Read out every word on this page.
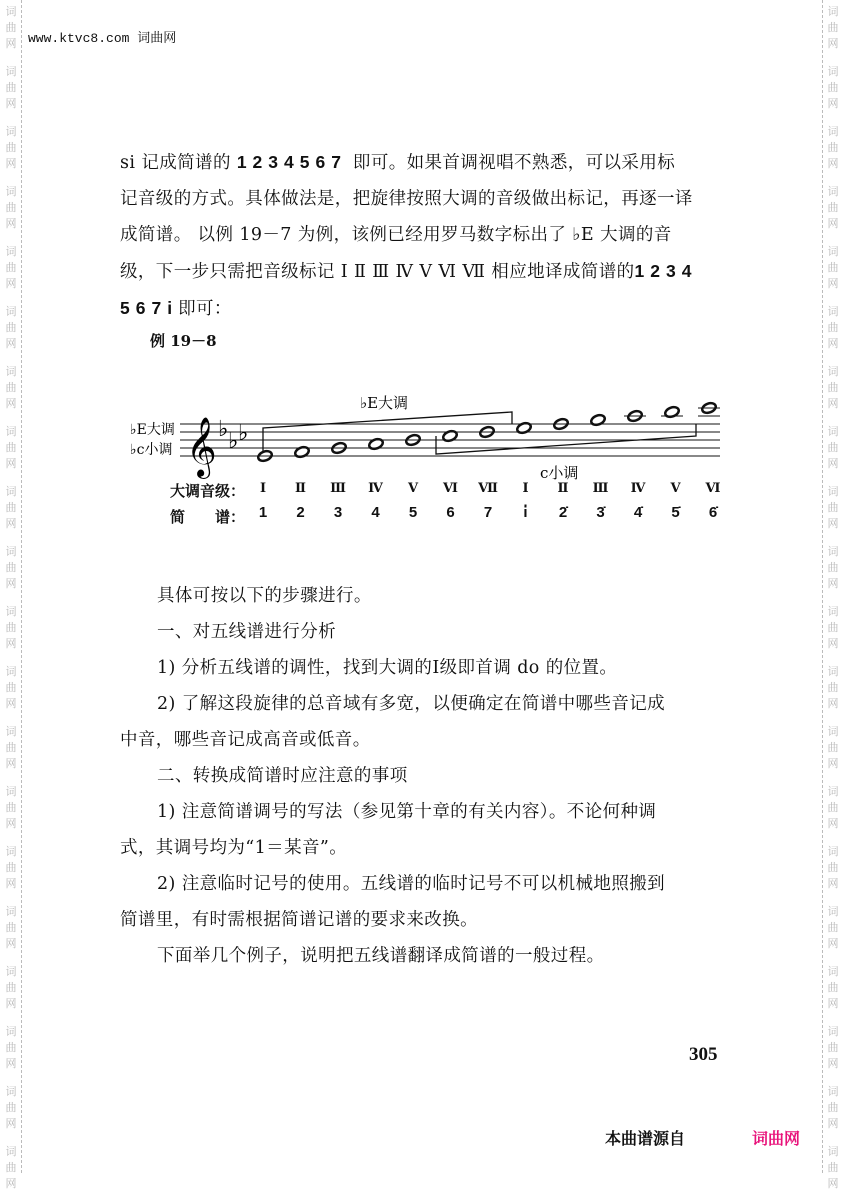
词
曲
网
词
曲
网
词
曲
网
词
曲
网
词
曲
网
词
曲
网
词
曲
网
词
曲
网
词
曲
网
词
曲
网
词
曲
网
词
曲
网
词
曲
网
词
曲
网
词
曲
网
词
曲
网
词
曲
网
词
曲
网
词
曲
网
词
曲
网
词
曲
网
词
曲
网
词
曲
网
词
曲
网
词
曲
网
词
曲
网
词
曲
网
词
曲
网
词
曲
网
词
曲
网
词
曲
网
词
曲
网
词
曲
网
词
曲
网
词
曲
网
词
曲
网
词
曲
网
词
曲
网
词
曲
网
词
曲
网
www.ktvc8.com 词曲网
si 记成简谱的 1234567 即可。如果首调视唱不熟悉，可以采用标
记音级的方式。具体做法是，把旋律按照大调的音级做出标记，再逐一译
成简谱。 以例 19－7 为例，该例已经用罗马数字标出了 ♭E 大调的音
级，下一步只需把音级标记 Ⅰ Ⅱ Ⅲ Ⅳ Ⅴ Ⅵ Ⅶ 相应地译成简谱的1234
567i即可：
例 19－8
𝄞 ♭ ♭ ♭
♭E大调
c小调
♭E大调
♭c小调
大调音级：
简　　谱：
Ⅰ	Ⅱ	Ⅲ	Ⅳ	Ⅴ	Ⅵ	Ⅶ	Ⅰ	Ⅱ	Ⅲ	Ⅳ	Ⅴ	Ⅵ
1	2	3	4	5	6	7	i̇	2̇	3̇	4̇	5̇	6̇
具体可按以下的步骤进行。
一、对五线谱进行分析
1) 分析五线谱的调性，找到大调的Ⅰ级即首调 do 的位置。
2) 了解这段旋律的总音域有多宽，以便确定在简谱中哪些音记成
中音，哪些音记成高音或低音。
二、转换成简谱时应注意的事项
1) 注意简谱调号的写法（参见第十章的有关内容）。不论何种调
式，其调号均为“1＝某音”。
2) 注意临时记号的使用。五线谱的临时记号不可以机械地照搬到
简谱里，有时需根据简谱记谱的要求来改换。
下面举几个例子，说明把五线谱翻译成简谱的一般过程。
305
本曲谱源自	词曲网
